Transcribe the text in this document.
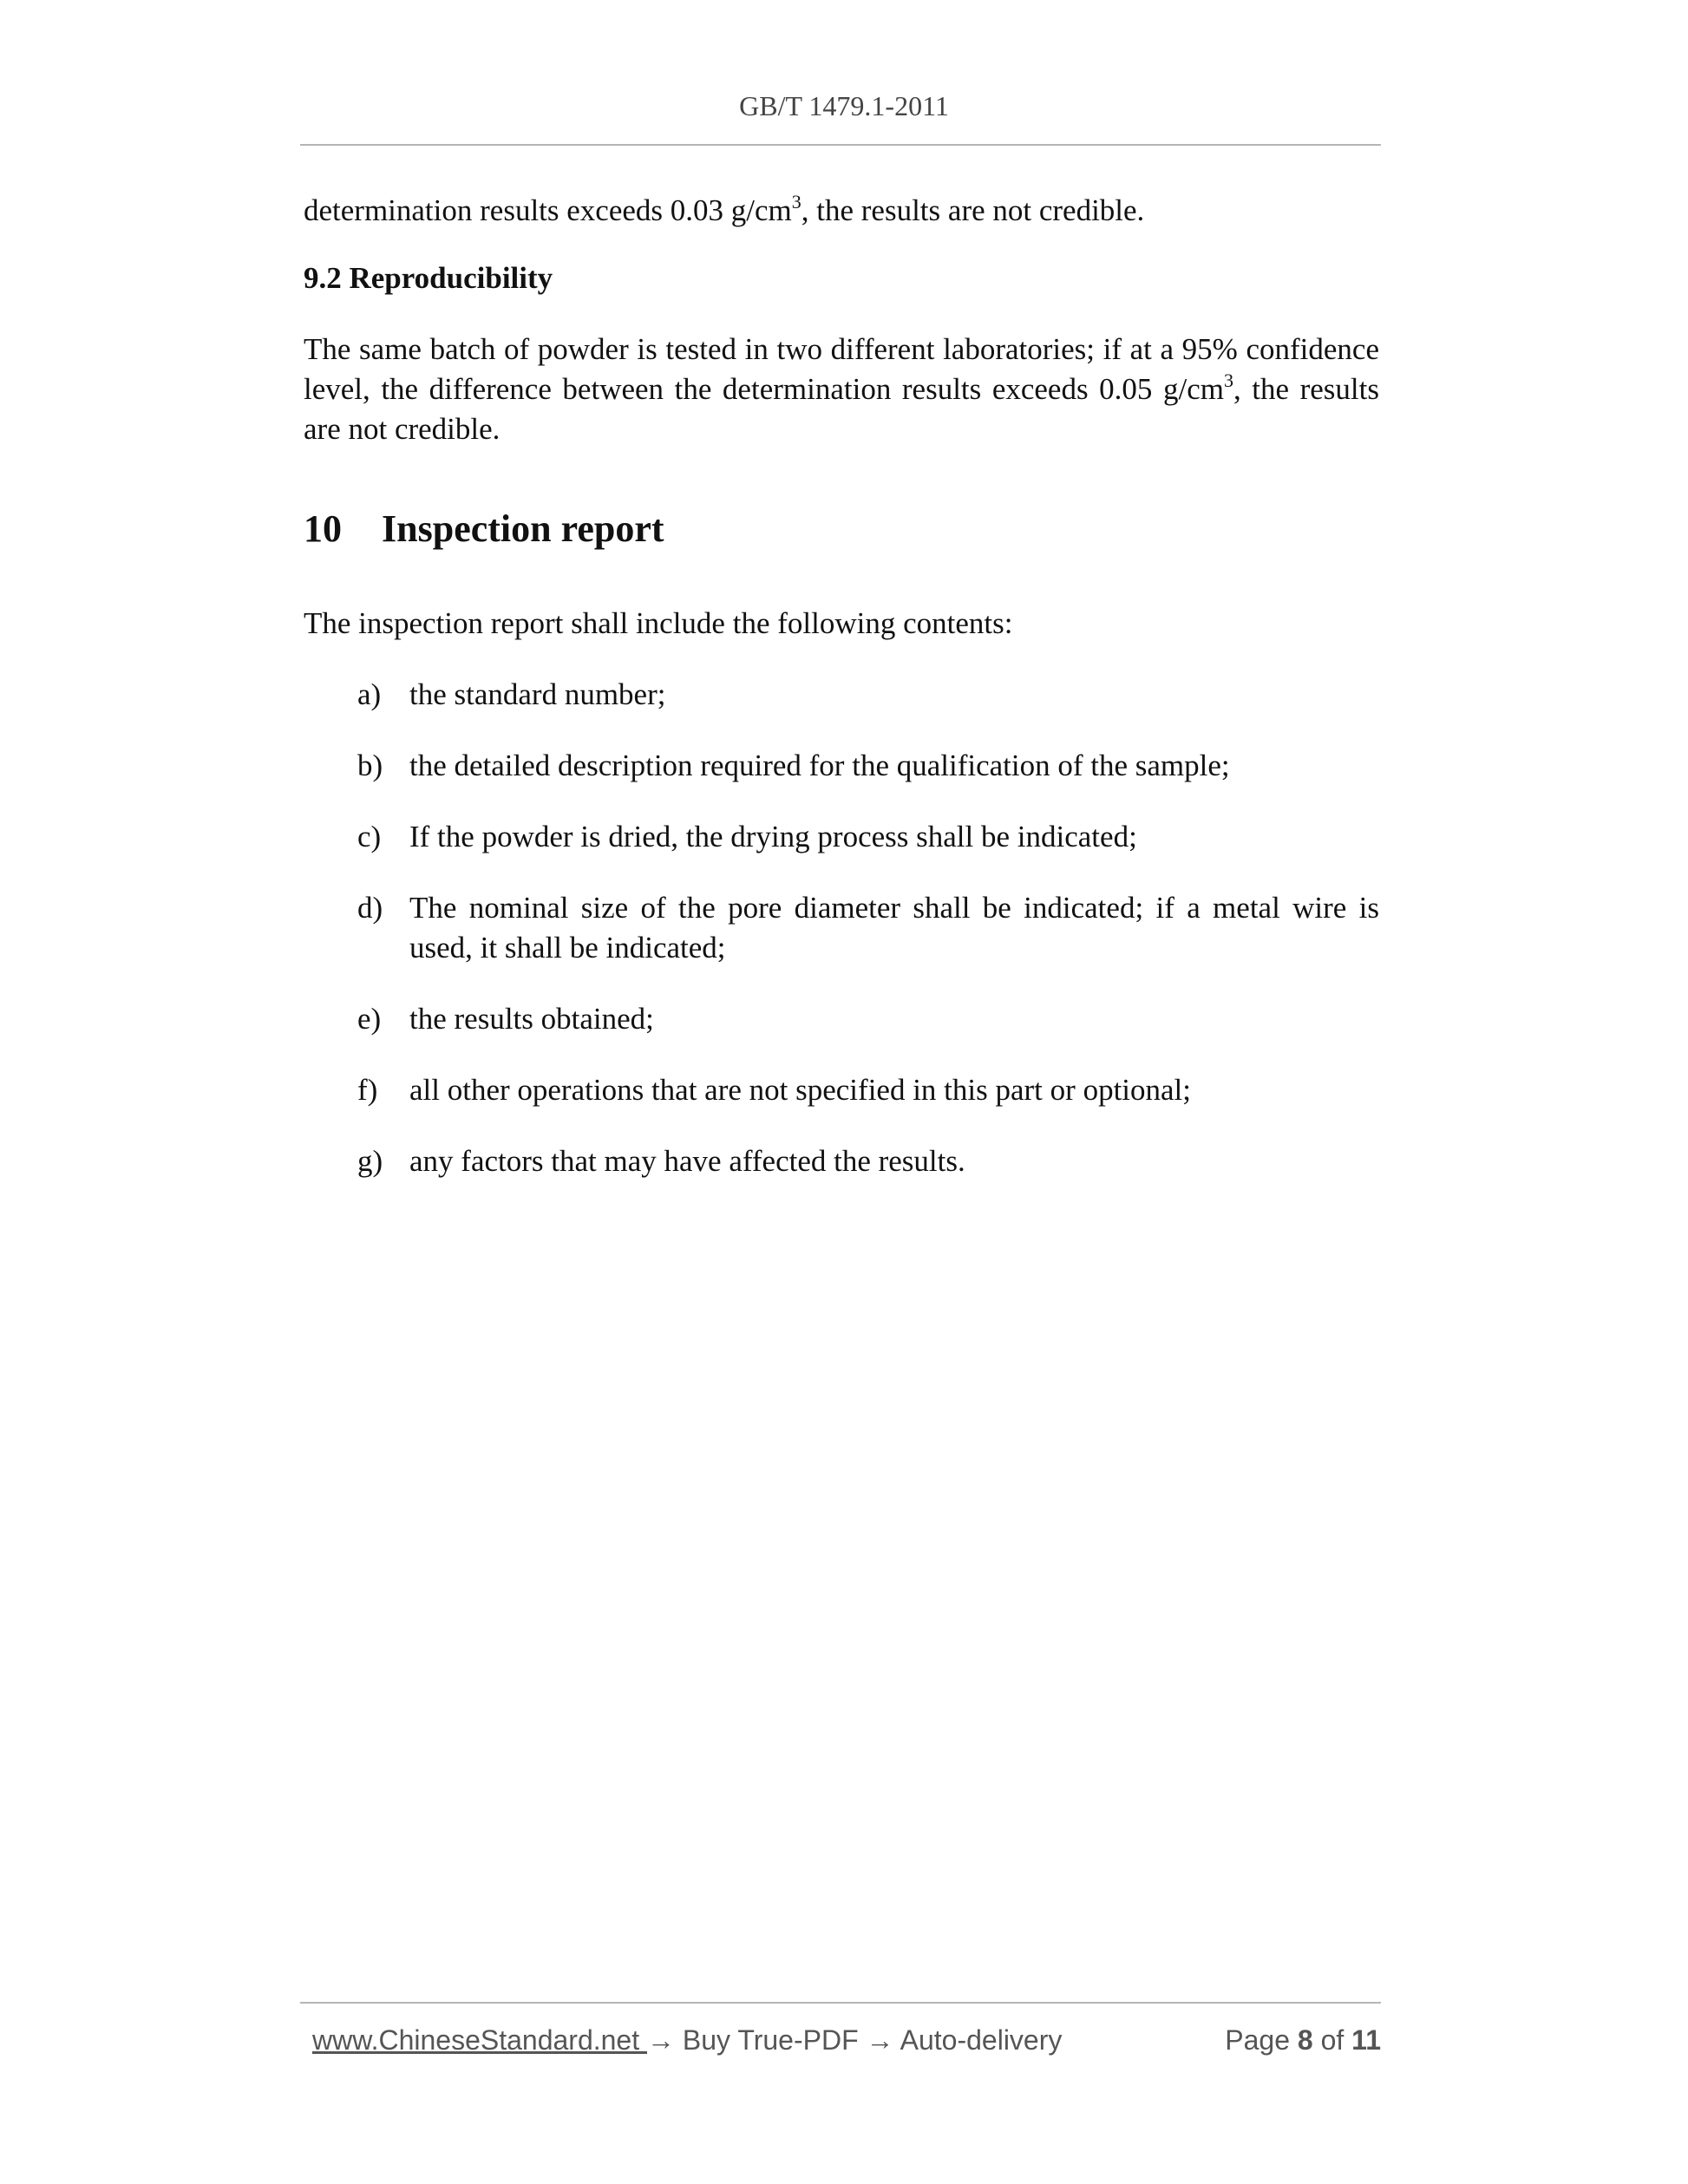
GB/T 1479.1-2011

determination results exceeds 0.03 $g/cm^3$, the results are not credible.

9.2 Reproducibility

The same batch of powder is tested in two different laboratories; if at a 95% confidence level, the difference between the determination results exceeds 0.05 $g/cm^3$, the results are not credible.

10 Inspection report

The inspection report shall include the following contents:

a) the standard number;
b) the detailed description required for the qualification of the sample;
c) If the powder is dried, the drying process shall be indicated;
d) The nominal size of the pore diameter shall be indicated; if a metal wire is used, it shall be indicated;
e) the results obtained;
f)	all other operations that are not specified in this part or optional;
g) any factors that may have affected the results.
www.ChineseStandard.net → Buy True-PDF → Auto-delivery	Page 8 of 11
